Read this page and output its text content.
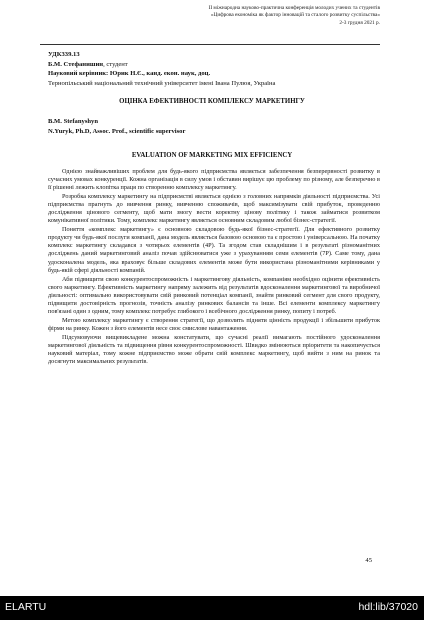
ІІ міжнародна науково-практична конференція молодих учених та студентів
«Цифрова економіка як фактор інновацій та сталого розвитку суспільства»
2-3 грудня 2021 р.
УДК339.13
Б.М. Стефанишин, студент
Науковий керівник: Юрик Н.Є., канд. екон. наук, доц.
Тернопільський національний технічний університет імені Івана Пулюя, Україна
ОЦІНКА ЕФЕКТИВНОСТІ КОМПЛЕКСУ МАРКЕТИНГУ
B.M. Stefanyshyn
N.Yurуk, Ph.D, Assoc. Prof., scientific supervisor
EVALUATION OF MARKETING MIX EFFICIENCY

Однією знайважливіших проблем для будь-якого підприємства являється забезпечення безперервності розвитку в сучасних умовах конкуренції. Кожна організація в силу умов і обставин вирішує цю проблему по різному, але безперечно в її рішенні лежить клопітка праця по створенню комплексу маркетингу.

Розробка комплексу маркетингу на підприємстві являється однією з головних напрямків діяльності підприємства. Усі підприємства прагнуть до вивчення ринку, вивченню споживачів, щоб максимізувати свій прибуток, проведенню дослідження цінового сегменту, щоб мати змогу вести коректну цінову політику і також займатися розвитком комунікативної політики. Тому, комплекс маркетингу являється основним складовим любої бізнес-стратегії.

Поняття «комплекс маркетингу» є основною складовою будь-якої бізнес-стратегії. Для ефективного розвитку продукту чи будь-якої послуги компанії, дана модель являється базовою основою та є простою і універсальною. На початку комплекс маркетингу складався з чотирьох елементів (4Р). Та згодом став складнішим і в результаті різноманітних досліджень даний маркетинговий аналіз почав здійснюватися уже з урахуванням семи елементів (7Р). Саме тому, дана удосконалена модель, яка враховує більше складових елементів може бути використана різноманітними керівниками у будь-якій сфері діяльності компаній.

Аби підвищити свою конкурентоспроможність і маркетингову діяльність, компаніям необхідно оцінити ефективність свого маркетингу. Ефективність маркетингу напряму залежить від результатів вдосконалення маркетингової та виробничої діяльності: оптимально використовувати свій ринковий потенціал компанії, знайти ринковий сегмент для свого продукту, підвищити достовірність прогнозів, точність аналізу ринкових балансів та інше. Всі елементи комплексу маркетингу пов'язані один з одним, тому комплекс потребує глибокого і всебічного дослідження ринку, попиту і потреб.

Метою комплексу маркетингу є створення стратегії, що дозволить підняти цінність продукції і збільшити прибуток фірми на ринку. Кожен з його елементів несе своє смислове навантаження.

Підсумовуючи вищевикладене можна констатувати, що сучасні реалії вимагають постійного удосконалення маркетингової діяльність та підвищення рівня конкурентоспроможності. Швидко змінюються пріоритети та накопичується науковий матеріал, тому кожне підприємство може обрати свій комплекс маркетингу, щоб вийти з ним на ринок та досягнути максимальних результатів.

45
ELARTU	hdl:lib/37020
